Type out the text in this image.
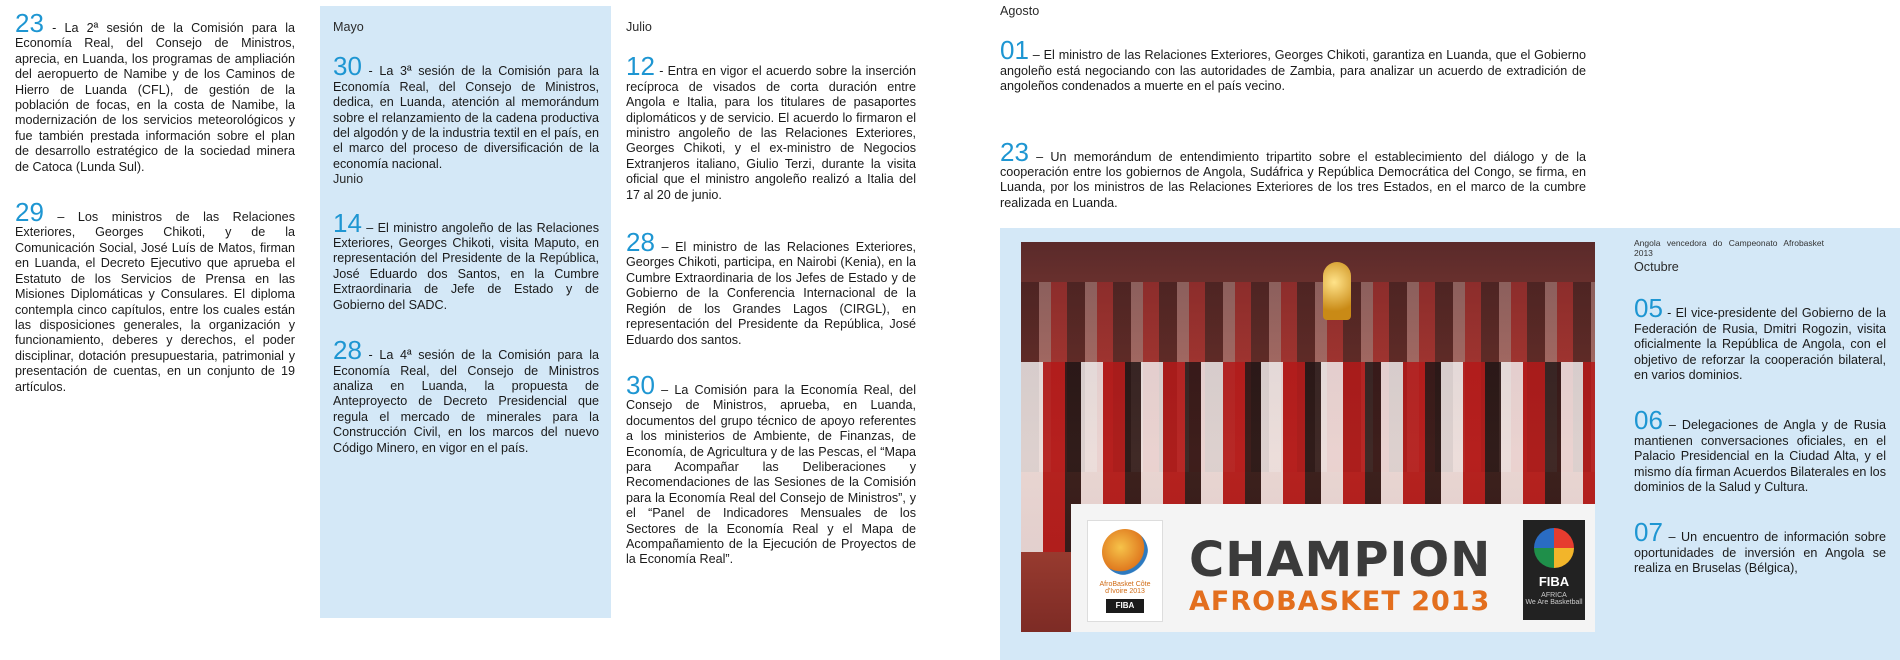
23 - La 2ª sesión de la Comisión para la Economía Real, del Consejo de Ministros, aprecia, en Luanda, los programas de ampliación del aeropuerto de Namibe y de los Caminos de Hierro de Luanda (CFL), de gestión de la población de focas, en la costa de Namibe, la modernización de los servicios meteorológicos y fue también prestada información sobre el plan de desarrollo estratégico de la sociedad minera de Catoca (Lunda Sul).

29 – Los ministros de las Relaciones Exteriores, Georges Chikoti, y de la Comunicación Social, José Luís de Matos, firman en Luanda, el Decreto Ejecutivo que aprueba el Estatuto de los Servicios de Prensa en las Misiones Diplomáticas y Consulares. El diploma contempla cinco capítulos, entre los cuales están las disposiciones generales, la organización y funcionamiento, deberes y derechos, el poder disciplinar, dotación presupuestaria, patrimonial y presentación de cuentas, en un conjunto de 19 artículos.

Mayo

30 - La 3ª sesión de la Comisión para la Economía Real, del Consejo de Ministros, dedica, en Luanda, atención al memorándum sobre el relanzamiento de la cadena productiva del algodón y de la industria textil en el país, en el marco del proceso de diversificación de la economía nacional.

Junio

14 – El ministro angoleño de las Relaciones Exteriores, Georges Chikoti, visita Maputo, en representación del Presidente de la República, José Eduardo dos Santos, en la Cumbre Extraordinaria de Jefe de Estado y de Gobierno del SADC.

28 - La 4ª sesión de la Comisión para la Economía Real, del Consejo de Ministros analiza en Luanda, la propuesta de Anteproyecto de Decreto Presidencial que regula el mercado de minerales para la Construcción Civil, en los marcos del nuevo Código Minero, en vigor en el país.

Julio

12 - Entra en vigor el acuerdo sobre la inserción recíproca de visados de corta duración entre Angola e Italia, para los titulares de pasaportes diplomáticos y de servicio. El acuerdo lo firmaron el ministro angoleño de las Relaciones Exteriores, Georges Chikoti, y el ex-ministro de Negocios Extranjeros italiano, Giulio Terzi, durante la visita oficial que el ministro angoleño realizó a Italia del 17 al 20 de junio.

28 – El ministro de las Relaciones Exteriores, Georges Chikoti, participa, en Nairobi (Kenia), en la Cumbre Extraordinaria de los Jefes de Estado y de Gobierno de la Conferencia Internacional de la Región de los Grandes Lagos (CIRGL), en representación del Presidente da República, José Eduardo dos santos.

30 – La Comisión para la Economía Real, del Consejo de Ministros, aprueba, en Luanda, documentos del grupo técnico de apoyo referentes a los ministerios de Ambiente, de Finanzas, de Economía, de Agricultura y de las Pescas, el “Mapa para Acompañar las Deliberaciones y Recomendaciones de las Sesiones de la Comisión para la Economía Real del Consejo de Ministros”, y el “Panel de Indicadores Mensuales de los Sectores de la Economía Real y el Mapa de Acompañamiento de la Ejecución de Proyectos de la Economía Real”.

Agosto

01 – El ministro de las Relaciones Exteriores, Georges Chikoti, garantiza en Luanda, que el Gobierno angoleño está negociando con las autoridades de Zambia, para analizar un acuerdo de extradición de angoleños condenados a muerte en el país vecino.

23 – Un memorándum de entendimiento tripartito sobre el establecimiento del diálogo y de la cooperación entre los gobiernos de Angola, Sudáfrica y República Democrática del Congo, se firma, en Luanda, por los ministros de las Relaciones Exteriores de los tres Estados, en el marco de la cumbre realizada en Luanda.

AfroBasket Côte d'Ivoire 2013
FIBA
CHAMPION
AFROBASKET 2013
FIBA
AFRICA
We Are Basketball
Angola vencedora do Campeonato Afrobasket 2013
Octubre

05 - El vice-presidente del Gobierno de la Federación de Rusia, Dmitri Rogozin, visita oficialmente la República de Angola, con el objetivo de reforzar la cooperación bilateral, en varios dominios.

06 – Delegaciones de Angla y de Rusia mantienen conversaciones oficiales, en el Palacio Presidencial en la Ciudad Alta, y el mismo día firman Acuerdos Bilaterales en los dominios de la Salud y Cultura.

07 – Un encuentro de información sobre oportunidades de inversión en Angola se realiza en Bruselas (Bélgica),
